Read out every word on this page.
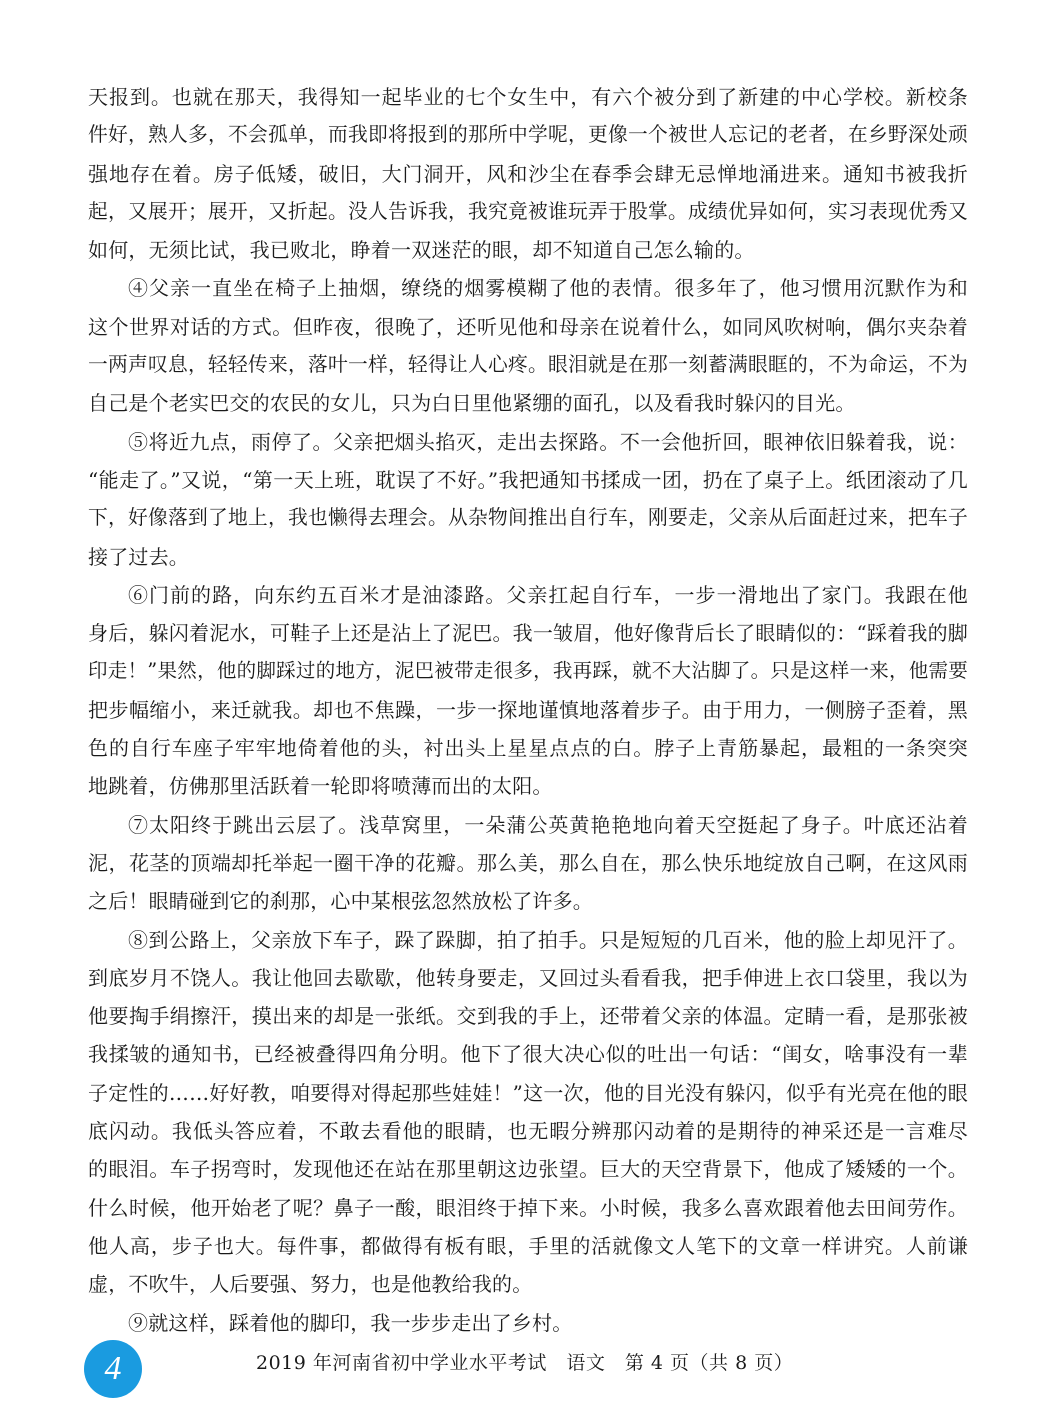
天报到。也就在那天，我得知一起毕业的七个女生中，有六个被分到了新建的中心学校。新校条
件好，熟人多，不会孤单，而我即将报到的那所中学呢，更像一个被世人忘记的老者，在乡野深处顽
强地存在着。房子低矮，破旧，大门洞开，风和沙尘在春季会肆无忌惮地涌进来。通知书被我折
起，又展开；展开，又折起。没人告诉我，我究竟被谁玩弄于股掌。成绩优异如何，实习表现优秀又
如何，无须比试，我已败北，睁着一双迷茫的眼，却不知道自己怎么输的。
④父亲一直坐在椅子上抽烟，缭绕的烟雾模糊了他的表情。很多年了，他习惯用沉默作为和
这个世界对话的方式。但昨夜，很晚了，还听见他和母亲在说着什么，如同风吹树响，偶尔夹杂着
一两声叹息，轻轻传来，落叶一样，轻得让人心疼。眼泪就是在那一刻蓄满眼眶的，不为命运，不为
自己是个老实巴交的农民的女儿，只为白日里他紧绷的面孔，以及看我时躲闪的目光。
⑤将近九点，雨停了。父亲把烟头掐灭，走出去探路。不一会他折回，眼神依旧躲着我，说：
“能走了。”又说，“第一天上班，耽误了不好。”我把通知书揉成一团，扔在了桌子上。纸团滚动了几
下，好像落到了地上，我也懒得去理会。从杂物间推出自行车，刚要走，父亲从后面赶过来，把车子
接了过去。
⑥门前的路，向东约五百米才是油漆路。父亲扛起自行车，一步一滑地出了家门。我跟在他
身后，躲闪着泥水，可鞋子上还是沾上了泥巴。我一皱眉，他好像背后长了眼睛似的：“踩着我的脚
印走！”果然，他的脚踩过的地方，泥巴被带走很多，我再踩，就不大沾脚了。只是这样一来，他需要
把步幅缩小，来迁就我。却也不焦躁，一步一探地谨慎地落着步子。由于用力，一侧膀子歪着，黑
色的自行车座子牢牢地倚着他的头，衬出头上星星点点的白。脖子上青筋暴起，最粗的一条突突
地跳着，仿佛那里活跃着一轮即将喷薄而出的太阳。
⑦太阳终于跳出云层了。浅草窝里，一朵蒲公英黄艳艳地向着天空挺起了身子。叶底还沾着
泥，花茎的顶端却托举起一圈干净的花瓣。那么美，那么自在，那么快乐地绽放自己啊，在这风雨
之后！眼睛碰到它的刹那，心中某根弦忽然放松了许多。
⑧到公路上，父亲放下车子，跺了跺脚，拍了拍手。只是短短的几百米，他的脸上却见汗了。
到底岁月不饶人。我让他回去歇歇，他转身要走，又回过头看看我，把手伸进上衣口袋里，我以为
他要掏手绢擦汗，摸出来的却是一张纸。交到我的手上，还带着父亲的体温。定睛一看，是那张被
我揉皱的通知书，已经被叠得四角分明。他下了很大决心似的吐出一句话：“闺女，啥事没有一辈
子定性的……好好教，咱要得对得起那些娃娃！”这一次，他的目光没有躲闪，似乎有光亮在他的眼
底闪动。我低头答应着，不敢去看他的眼睛，也无暇分辨那闪动着的是期待的神采还是一言难尽
的眼泪。车子拐弯时，发现他还在站在那里朝这边张望。巨大的天空背景下，他成了矮矮的一个。
什么时候，他开始老了呢？鼻子一酸，眼泪终于掉下来。小时候，我多么喜欢跟着他去田间劳作。
他人高，步子也大。每件事，都做得有板有眼，手里的活就像文人笔下的文章一样讲究。人前谦
虚，不吹牛，人后要强、努力，也是他教给我的。
⑨就这样，踩着他的脚印，我一步步走出了乡村。
4	2019 年河南省初中学业水平考试　语文　第 4 页（共 8 页）
